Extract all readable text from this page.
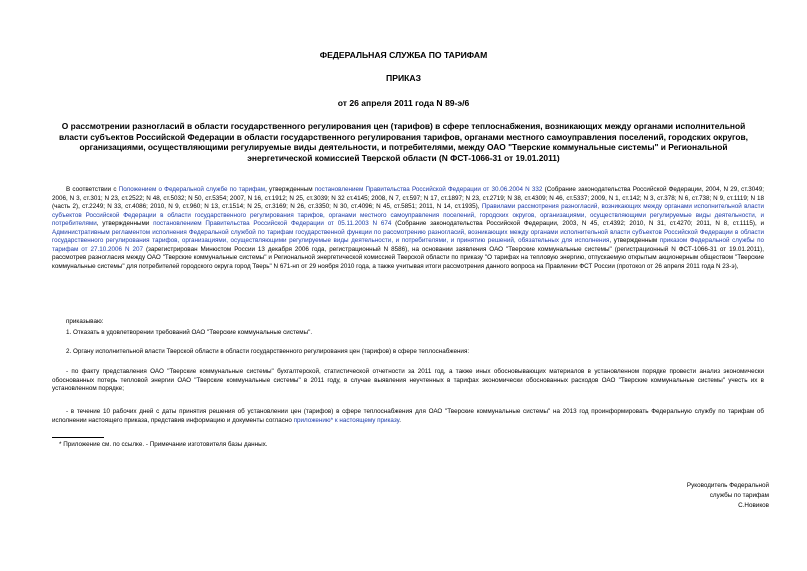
ФЕДЕРАЛЬНАЯ СЛУЖБА ПО ТАРИФАМ
ПРИКАЗ
от 26 апреля 2011 года N 89-э/6
О рассмотрении разногласий в области государственного регулирования цен (тарифов) в сфере теплоснабжения, возникающих между органами исполнительной власти субъектов Российской Федерации в области государственного регулирования тарифов, органами местного самоуправления поселений, городских округов, организациями, осуществляющими регулируемые виды деятельности, и потребителями, между ОАО "Тверские коммунальные системы" и Региональной энергетической комиссией Тверской области (N ФСТ-1066-31 от 19.01.2011)
В соответствии с Положением о Федеральной службе по тарифам, утвержденным постановлением Правительства Российской Федерации от 30.06.2004 N 332 (Собрание законодательства Российской Федерации, 2004, N 29, ст.3049; 2006, N 3, ст.301; N 23, ст.2522; N 48, ст.5032; N 50, ст.5354; 2007, N 16, ст.1912; N 25, ст.3039; N 32 ст.4145; 2008, N 7, ст.597; N 17, ст.1897; N 23, ст.2719; N 38, ст.4309; N 46, ст.5337; 2009, N 1, ст.142; N 3, ст.378; N 6, ст.738; N 9, ст.1119; N 18 (часть 2), ст.2249; N 33, ст.4086; 2010, N 9, ст.960; N 13, ст.1514; N 25, ст.3169; N 26, ст.3350; N 30, ст.4096; N 45, ст.5851; 2011, N 14, ст.1935), Правилами рассмотрения разногласий, возникающих между органами исполнительной власти субъектов Российской Федерации в области государственного регулирования тарифов, органами местного самоуправления поселений, городских округов, организациями, осуществляющими регулируемые виды деятельности, и потребителями, утвержденными постановлением Правительства Российской Федерации от 05.11.2003 N 674 (Собрание законодательства Российской Федерации, 2003, N 45, ст.4392; 2010, N 31, ст.4270; 2011, N 8, ст.1115), и Административным регламентом исполнения Федеральной службой по тарифам государственной функции по рассмотрению разногласий, возникающих между органами исполнительной власти субъектов Российской Федерации в области государственного регулирования тарифов, организациями, осуществляющими регулируемые виды деятельности, и потребителями, и принятию решений, обязательных для исполнения, утвержденным приказом Федеральной службы по тарифам от 27.10.2006 N 207 (зарегистрирован Минюстом России 13 декабря 2006 года, регистрационный N 8586), на основании заявления ОАО "Тверские коммунальные системы" (регистрационный N ФСТ-1066-31 от 19.01.2011), рассмотрев разногласия между ОАО "Тверские коммунальные системы" и Региональной энергетической комиссией Тверской области по приказу "О тарифах на тепловую энергию, отпускаемую открытым акционерным обществом "Тверские коммунальные системы" для потребителей городского округа город Тверь" N 671-нп от 29 ноября 2010 года, а также учитывая итоги рассмотрения данного вопроса на Правлении ФСТ России (протокол от 26 апреля 2011 года N 23-э),
приказываю:
1. Отказать в удовлетворении требований ОАО "Тверские коммунальные системы".
2. Органу исполнительной власти Тверской области в области государственного регулирования цен (тарифов) в сфере теплоснабжения:
- по факту представления ОАО "Тверские коммунальные системы" бухгалтерской, статистической отчетности за 2011 год, а также иных обосновывающих материалов в установленном порядке провести анализ экономически обоснованных потерь тепловой энергии ОАО "Тверские коммунальные системы" в 2011 году, в случае выявления неучтенных в тарифах экономически обоснованных расходов ОАО "Тверские коммунальные системы" учесть их в установленном порядке;
- в течение 10 рабочих дней с даты принятия решения об установлении цен (тарифов) в сфере теплоснабжения для ОАО "Тверские коммунальные системы" на 2013 год проинформировать Федеральную службу по тарифам об исполнении настоящего приказа, представив информацию и документы согласно приложению* к настоящему приказу.
* Приложение см. по ссылке. - Примечание изготовителя базы данных.
Руководитель Федеральной
службы по тарифам
С.Новиков
